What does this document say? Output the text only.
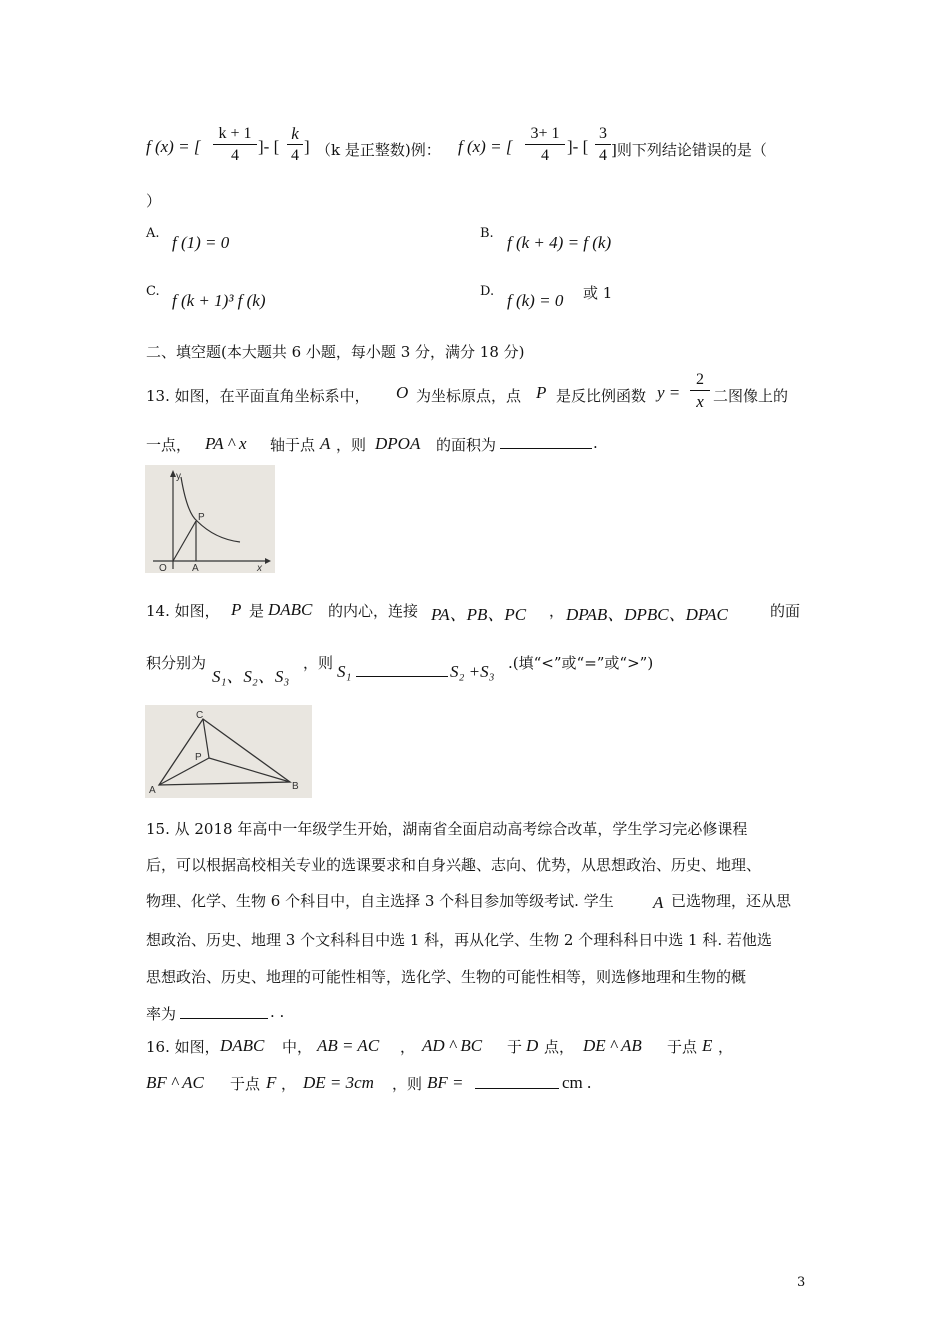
f (x) = [ $\frac{k + 1}{4}$ ]- [ $\frac{k}{4}$ ] （k 是正整数)例： f (x) = [ $\frac{3+ 1}{4}$ ]- [ $\frac{3}{4}$ ]则下列结论错误的是（
）
A. f (1) = 0	B. f (k + 4) = f (k)
C. f (k + 1)³ f (k)	D. f (k) = 0 或 1
二、填空题(本大题共 6 小题，每小题 3 分，满分 18 分)
13. 如图，在平面直角坐标系中， O 为坐标原点，点 P 是反比例函数 $y = \frac{2}{x}$ 二图像上的
一点， PA ^ x 轴于点 A ，则 DPOA 的面积为	.
y
P
O	A	x
14. 如图， P 是 DABC 的内心，连接 PA、PB、PC ， DPAB、DPBC、DPAC	的面
积分别为
S₁、S₂、S₃
，则 S₁	S₂ +S₃ .(填“<”或“=”或“>”)
C
P
A	B
15. 从 2018 年高中一年级学生开始，湖南省全面启动高考综合改革，学生学习完必修课程
后，可以根据高校相关专业的选课要求和自身兴趣、志向、优势，从思想政治、历史、地理、
物理、化学、生物 6 个科目中，自主选择 3 个科目参加等级考试. 学生 A 已选物理，还从思
想政治、历史、地理 3 个文科科目中选 1 科，再从化学、生物 2 个理科科日中选 1 科. 若他选
思想政治、历史、地理的可能性相等，选化学、生物的可能性相等，则选修地理和生物的概
率为	. .
16. 如图， DABC 中， AB = AC ， AD ^ BC 于 D 点， DE ^ AB 于点 E ，
BF ^ AC 于点 F ， DE = 3cm ，则 BF =	cm .
3
